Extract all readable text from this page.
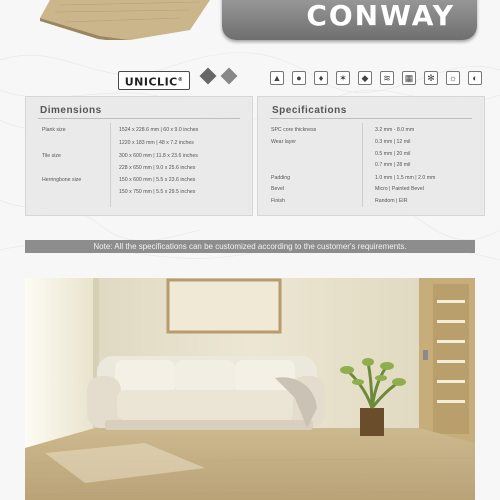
CONWAY
UNICLIC®	▲	●	♦	✶	◆	≋	▦	✻	☼	◐
Dimensions
Plank size	1524 x 228.6 mm | 60 x 9.0 inches
1220 x 183 mm | 48 x 7.2 inches
Tile size	300 x 600 mm | 11.8 x 23.6 inches
228 x 650 mm | 9.0 x 25.6 inches
Herringbone size	150 x 600 mm | 5.5 x 23.6 inches
150 x 750 mm | 5.5 x 29.5 inches
Specifications
SPC core thickness	3.2 mm - 8.0 mm
Wear layer	0.3 mm | 12 mil
0.5 mm | 20 mil
0.7 mm | 28 mil
Padding	1.0 mm | 1.5 mm | 2.0 mm
Bevel	Micro | Painted Bevel
Finish	Random | EIR
Note: All the specifications can be customized according to the customer's requirements.
